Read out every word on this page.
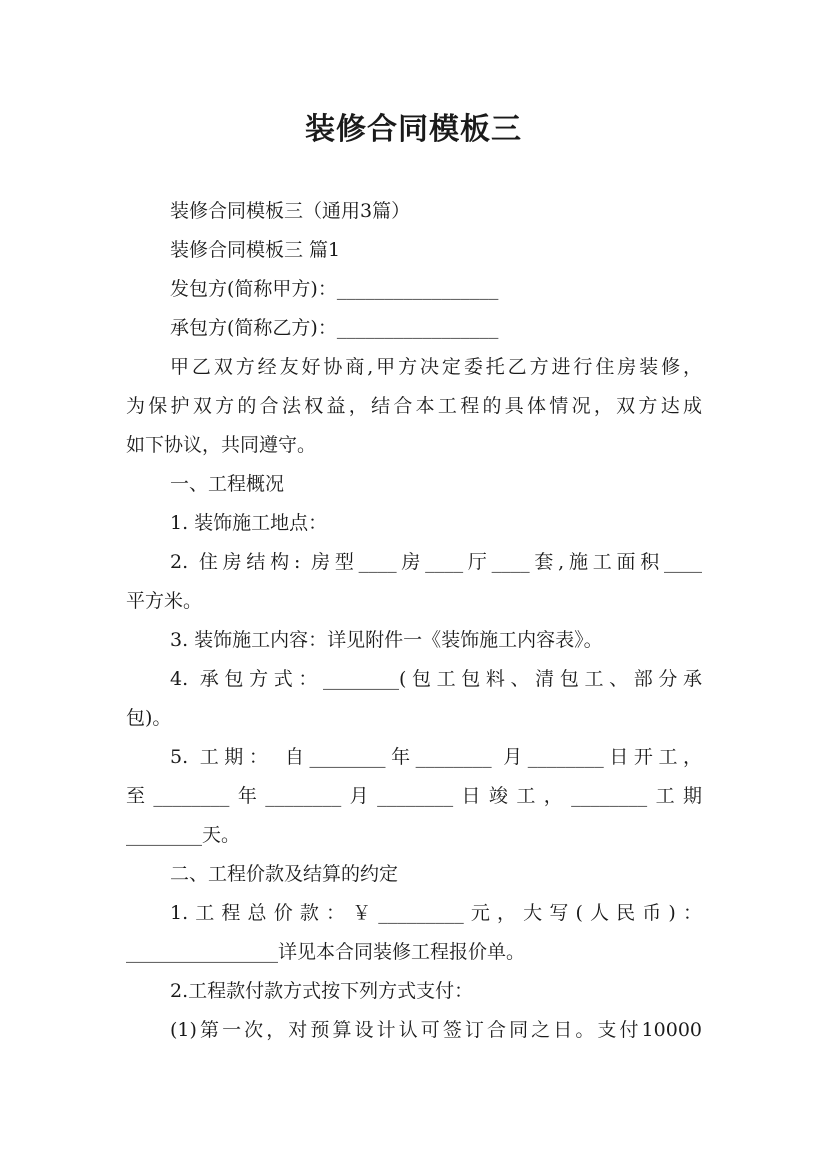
装修合同模板三
装修合同模板三（通用3篇）
装修合同模板三 篇1
发包方(简称甲方)：_________________
承包方(简称乙方)：_________________
甲乙双方经友好协商,甲方决定委托乙方进行住房装修，
为保护双方的合法权益，结合本工程的具体情况，双方达成
如下协议，共同遵守。
一、工程概况
1. 装饰施工地点：
2. 住房结构: 房型____房____厅____套,施工面积____
平方米。
3. 装饰施工内容：详见附件一《装饰施工内容表》。
4. 承包方式：________(包工包料、清包工、部分承
包)。
5. 工期： 自________年________ 月________日开工，
至________年________月________日竣工，________工期
________天。
二、工程价款及结算的约定
1.工程总价款：￥_________元，大写(人民币)：
________________详见本合同装修工程报价单。
2.工程款付款方式按下列方式支付：
(1)第一次，对预算设计认可签订合同之日。支付10000
